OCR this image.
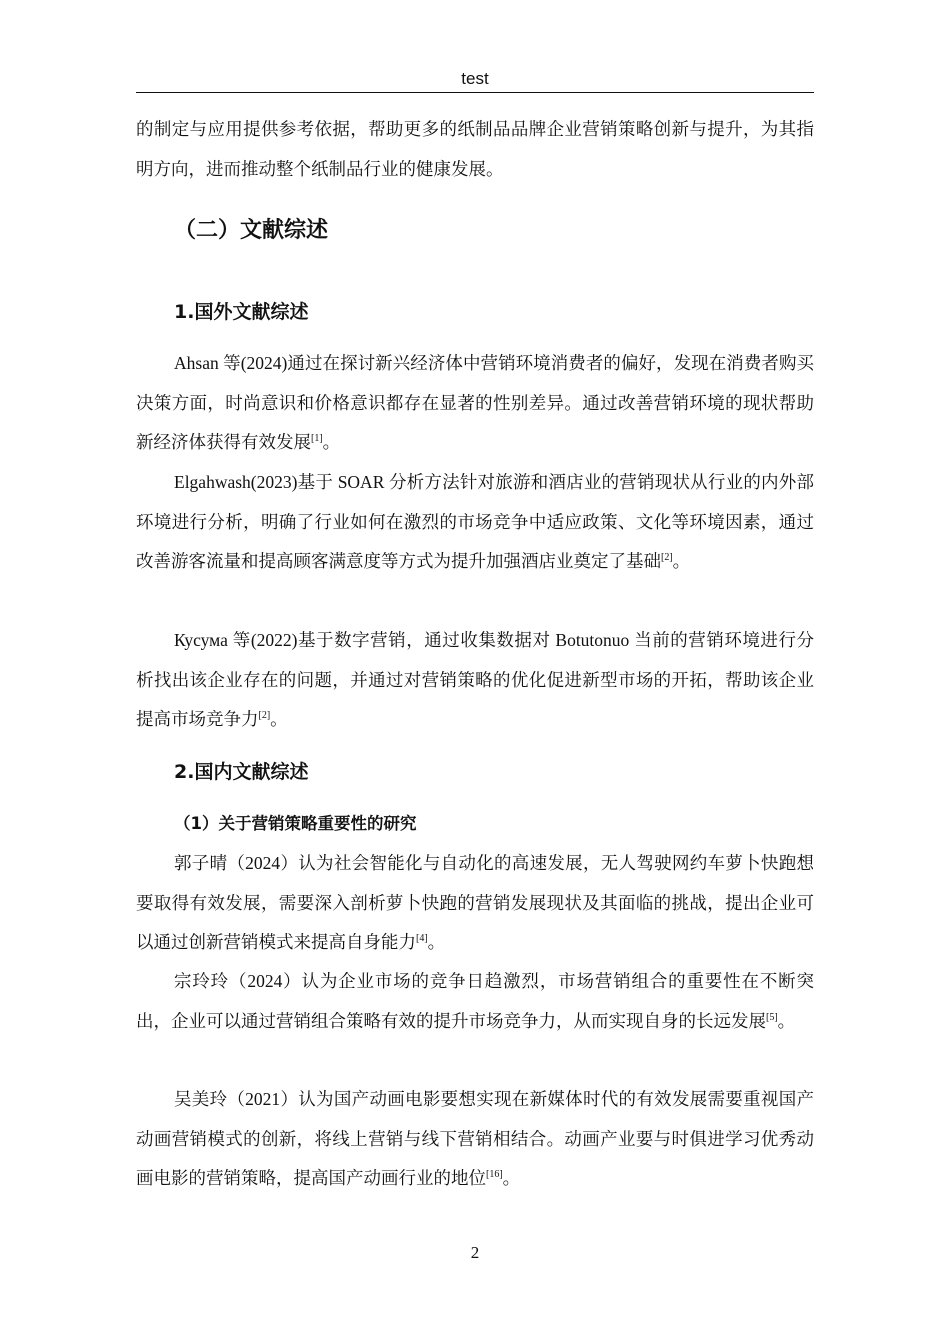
test

的制定与应用提供参考依据，帮助更多的纸制品品牌企业营销策略创新与提升，为其指明方向，进而推动整个纸制品行业的健康发展。

（二）文献综述
1.国外文献综述

Ahsan 等(2024)通过在探讨新兴经济体中营销环境消费者的偏好，发现在消费者购买决策方面，时尚意识和价格意识都存在显著的性别差异。通过改善营销环境的现状帮助新经济体获得有效发展[1]。

Elgahwash(2023)基于 SOAR 分析方法针对旅游和酒店业的营销现状从行业的内外部环境进行分析，明确了行业如何在激烈的市场竞争中适应政策、文化等环境因素，通过改善游客流量和提高顾客满意度等方式为提升加强酒店业奠定了基础[2]。

Кусума 等(2022)基于数字营销，通过收集数据对 Botutonuo 当前的营销环境进行分析找出该企业存在的问题，并通过对营销策略的优化促进新型市场的开拓，帮助该企业提高市场竞争力[2]。

2.国内文献综述
（1）关于营销策略重要性的研究

郭子晴（2024）认为社会智能化与自动化的高速发展，无人驾驶网约车萝卜快跑想要取得有效发展，需要深入剖析萝卜快跑的营销发展现状及其面临的挑战，提出企业可以通过创新营销模式来提高自身能力[4]。

宗玲玲（2024）认为企业市场的竞争日趋激烈，市场营销组合的重要性在不断突出，企业可以通过营销组合策略有效的提升市场竞争力，从而实现自身的长远发展[5]。

吴美玲（2021）认为国产动画电影要想实现在新媒体时代的有效发展需要重视国产动画营销模式的创新，将线上营销与线下营销相结合。动画产业要与时俱进学习优秀动画电影的营销策略，提高国产动画行业的地位[16]。

2
